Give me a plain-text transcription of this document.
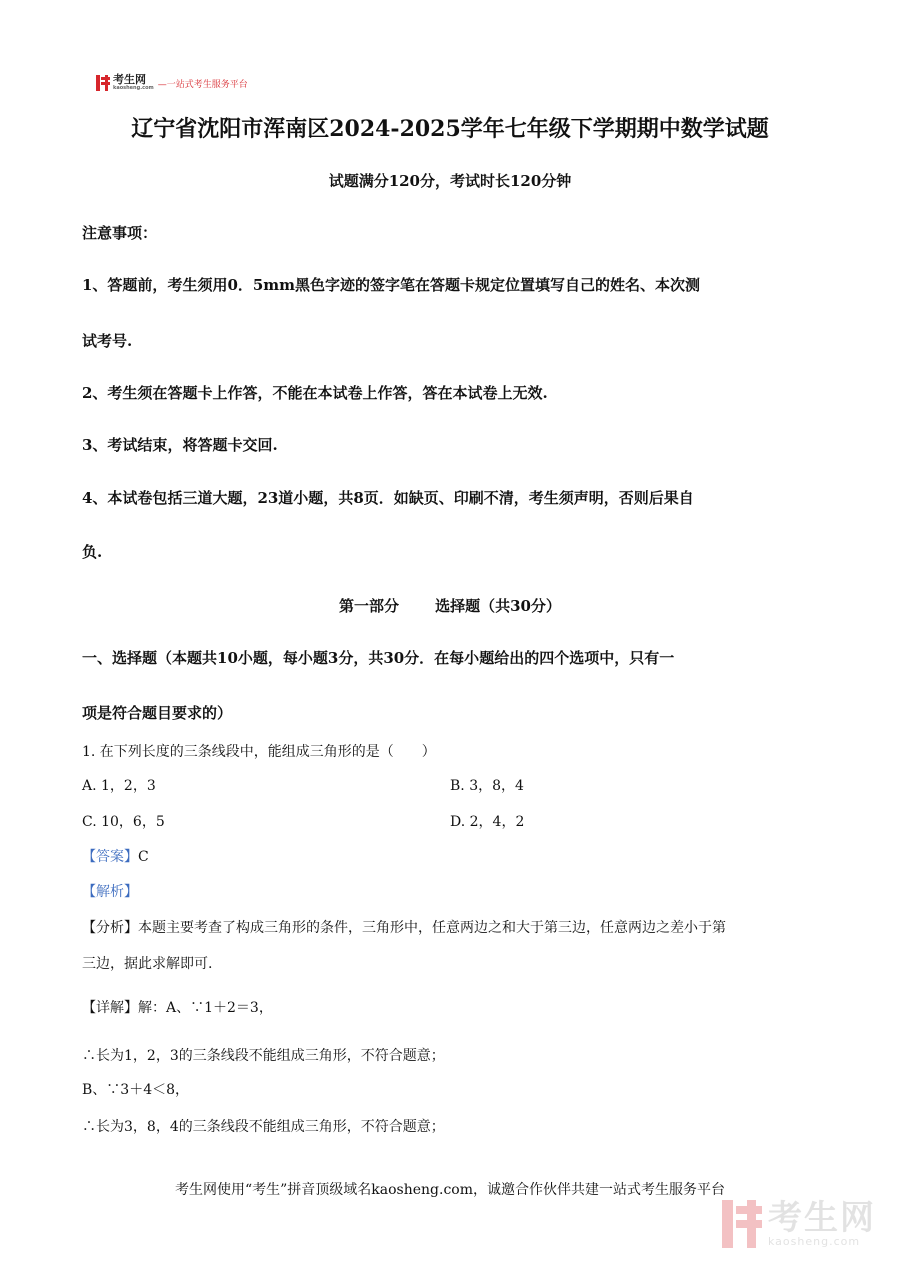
考生网
kaosheng.com —一站式考生服务平台
辽宁省沈阳市浑南区2024-2025学年七年级下学期期中数学试题
试题满分120分，考试时长120分钟
注意事项：
1、答题前，考生须用0．5mm黑色字迹的签字笔在答题卡规定位置填写自己的姓名、本次测
试考号.
2、考生须在答题卡上作答，不能在本试卷上作答，答在本试卷上无效.
3、考试结束，将答题卡交回.
4、本试卷包括三道大题，23道小题，共8页．如缺页、印刷不清，考生须声明，否则后果自
负.
第一部分 选择题（共30分）
一、选择题（本题共10小题，每小题3分，共30分．在每小题给出的四个选项中，只有一
项是符合题目要求的）
1. 在下列长度的三条线段中，能组成三角形的是（　　）
A. 1，2，3	B. 3，8，4
C. 10，6，5	D. 2，4，2
【答案】C
【解析】
【分析】本题主要考查了构成三角形的条件，三角形中，任意两边之和大于第三边，任意两边之差小于第
三边，据此求解即可.
【详解】解：A、∵1＋2＝3，
∴长为1，2，3的三条线段不能组成三角形，不符合题意；
B、∵3＋4＜8，
∴长为3，8，4的三条线段不能组成三角形，不符合题意；
考生网使用“考生”拼音顶级域名kaosheng.com，诚邀合作伙伴共建一站式考生服务平台
考生网
kaosheng.com
